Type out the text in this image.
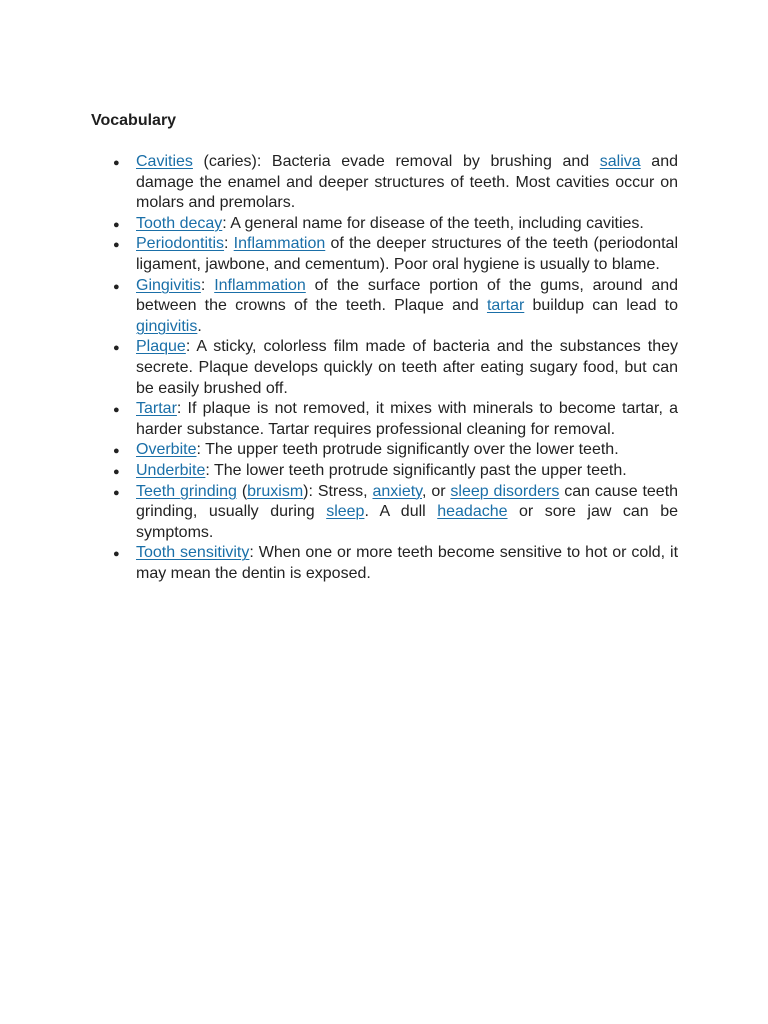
Vocabulary
● Cavities (caries): Bacteria evade removal by brushing and saliva and damage the enamel and deeper structures of teeth. Most cavities occur on molars and premolars.
● Tooth decay: A general name for disease of the teeth, including cavities.
● Periodontitis: Inflammation of the deeper structures of the teeth (periodontal ligament, jawbone, and cementum). Poor oral hygiene is usually to blame.
● Gingivitis: Inflammation of the surface portion of the gums, around and between the crowns of the teeth. Plaque and tartar buildup can lead to gingivitis.
● Plaque: A sticky, colorless film made of bacteria and the substances they secrete. Plaque develops quickly on teeth after eating sugary food, but can be easily brushed off.
● Tartar: If plaque is not removed, it mixes with minerals to become tartar, a harder substance. Tartar requires professional cleaning for removal.
● Overbite: The upper teeth protrude significantly over the lower teeth.
● Underbite: The lower teeth protrude significantly past the upper teeth.
● Teeth grinding (bruxism): Stress, anxiety, or sleep disorders can cause teeth grinding, usually during sleep. A dull headache or sore jaw can be symptoms.
● Tooth sensitivity: When one or more teeth become sensitive to hot or cold, it may mean the dentin is exposed.
